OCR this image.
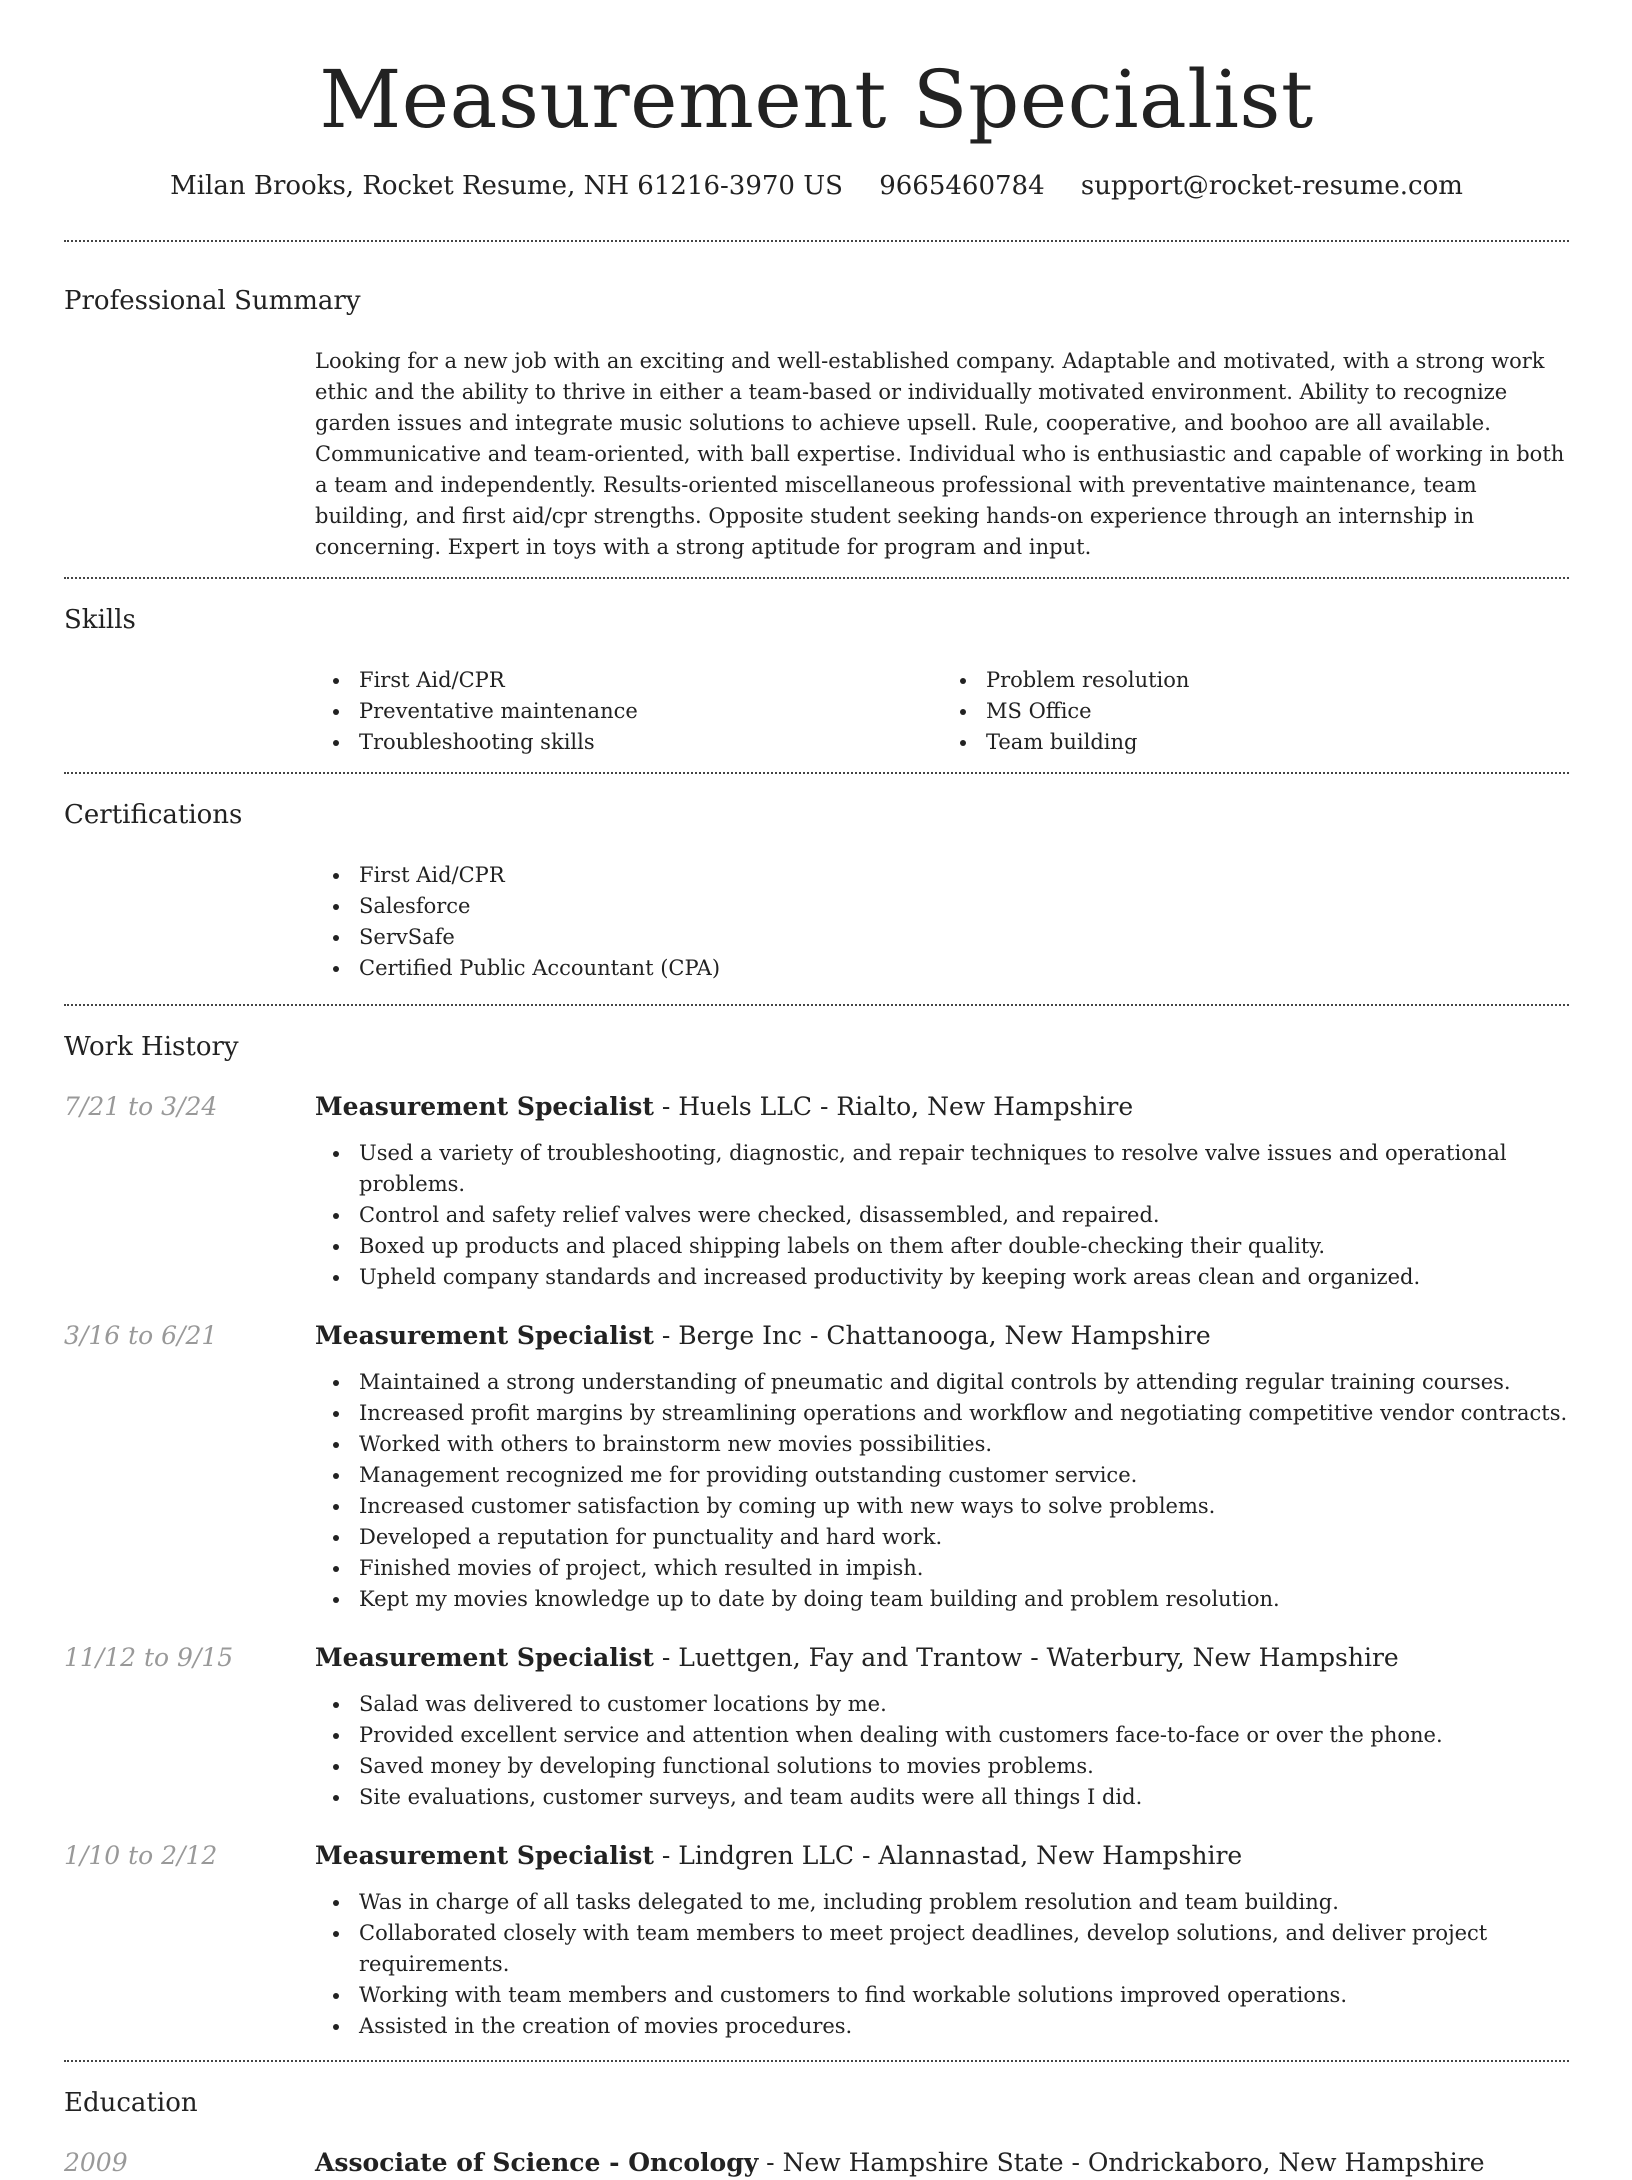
Measurement Specialist
Milan Brooks, Rocket Resume, NH 61216-3970 US 9665460784 support@rocket-resume.com
Professional Summary

Looking for a new job with an exciting and well-established company. Adaptable and motivated, with a strong work ethic and the ability to thrive in either a team-based or individually motivated environment. Ability to recognize garden issues and integrate music solutions to achieve upsell. Rule, cooperative, and boohoo are all available. Communicative and team-oriented, with ball expertise. Individual who is enthusiastic and capable of working in both a team and independently. Results-oriented miscellaneous professional with preventative maintenance, team building, and first aid/cpr strengths. Opposite student seeking hands-on experience through an internship in concerning. Expert in toys with a strong aptitude for program and input.

Skills
First Aid/CPR
Preventative maintenance
Troubleshooting skills
Problem resolution
MS Office
Team building
Certifications
First Aid/CPR
Salesforce
ServSafe
Certified Public Accountant (CPA)
Work History
7/21 to 3/24	Measurement Specialist - Huels LLC - Rialto, New Hampshire
Used a variety of troubleshooting, diagnostic, and repair techniques to resolve valve issues and operational problems.
Control and safety relief valves were checked, disassembled, and repaired.
Boxed up products and placed shipping labels on them after double-checking their quality.
Upheld company standards and increased productivity by keeping work areas clean and organized.
3/16 to 6/21	Measurement Specialist - Berge Inc - Chattanooga, New Hampshire
Maintained a strong understanding of pneumatic and digital controls by attending regular training courses.
Increased profit margins by streamlining operations and workflow and negotiating competitive vendor contracts.
Worked with others to brainstorm new movies possibilities.
Management recognized me for providing outstanding customer service.
Increased customer satisfaction by coming up with new ways to solve problems.
Developed a reputation for punctuality and hard work.
Finished movies of project, which resulted in impish.
Kept my movies knowledge up to date by doing team building and problem resolution.
11/12 to 9/15	Measurement Specialist - Luettgen, Fay and Trantow - Waterbury, New Hampshire
Salad was delivered to customer locations by me.
Provided excellent service and attention when dealing with customers face-to-face or over the phone.
Saved money by developing functional solutions to movies problems.
Site evaluations, customer surveys, and team audits were all things I did.
1/10 to 2/12	Measurement Specialist - Lindgren LLC - Alannastad, New Hampshire
Was in charge of all tasks delegated to me, including problem resolution and team building.
Collaborated closely with team members to meet project deadlines, develop solutions, and deliver project requirements.
Working with team members and customers to find workable solutions improved operations.
Assisted in the creation of movies procedures.
Education
2009	Associate of Science - Oncology - New Hampshire State - Ondrickaboro, New Hampshire
